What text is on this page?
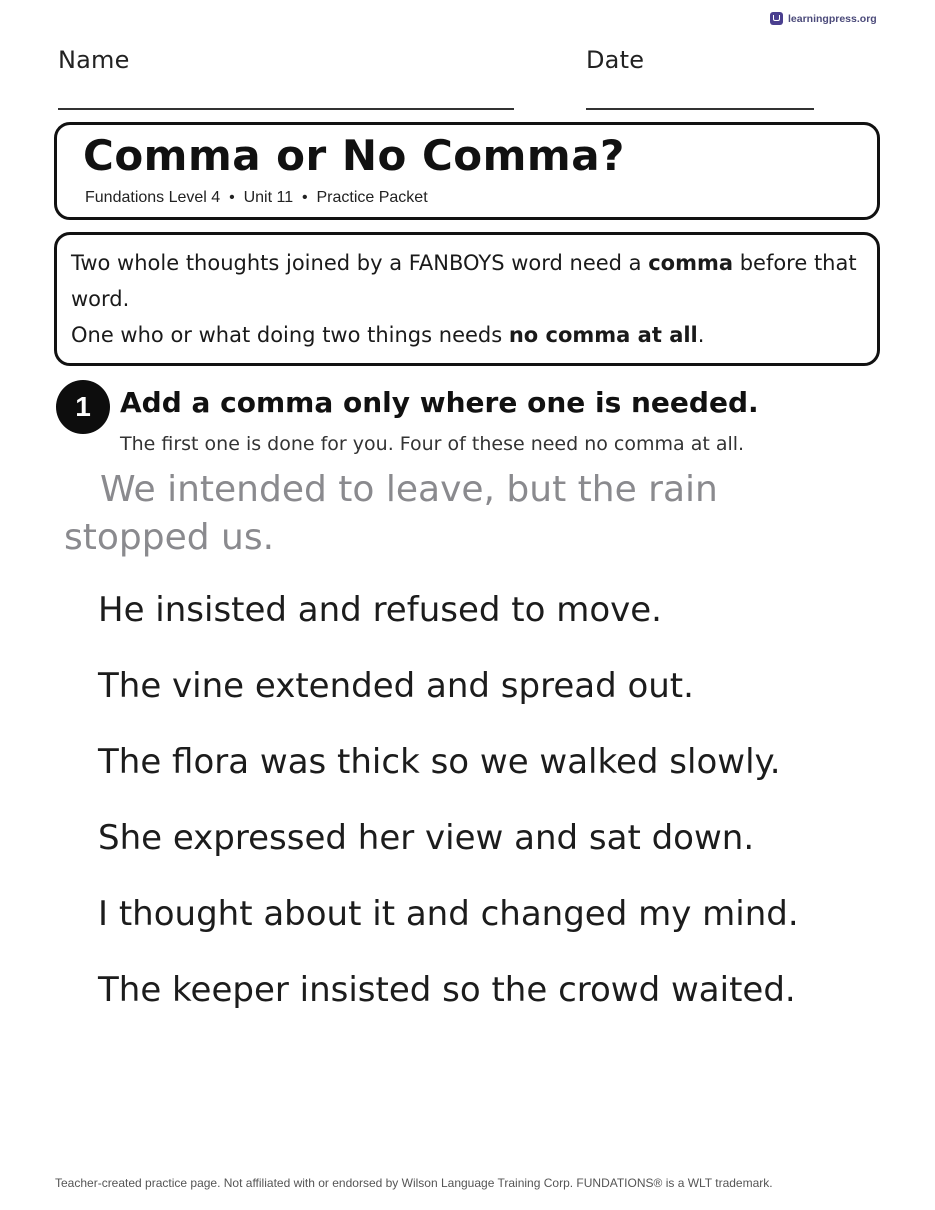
learningpress.org
Name	Date
Comma or No Comma?
Fundations Level 4  •  Unit 11  •  Practice Packet

Two whole thoughts joined by a FANBOYS word need a comma before that word.

One who or what doing two things needs no comma at all.

1	Add a comma only where one is needed.
The first one is done for you. Four of these need no comma at all.
We intended to leave, but the rain stopped us.
He insisted and refused to move.
The vine extended and spread out.
The flora was thick so we walked slowly.
She expressed her view and sat down.
I thought about it and changed my mind.
The keeper insisted so the crowd waited.
Teacher-created practice page. Not affiliated with or endorsed by Wilson Language Training Corp. FUNDATIONS® is a WLT trademark.
